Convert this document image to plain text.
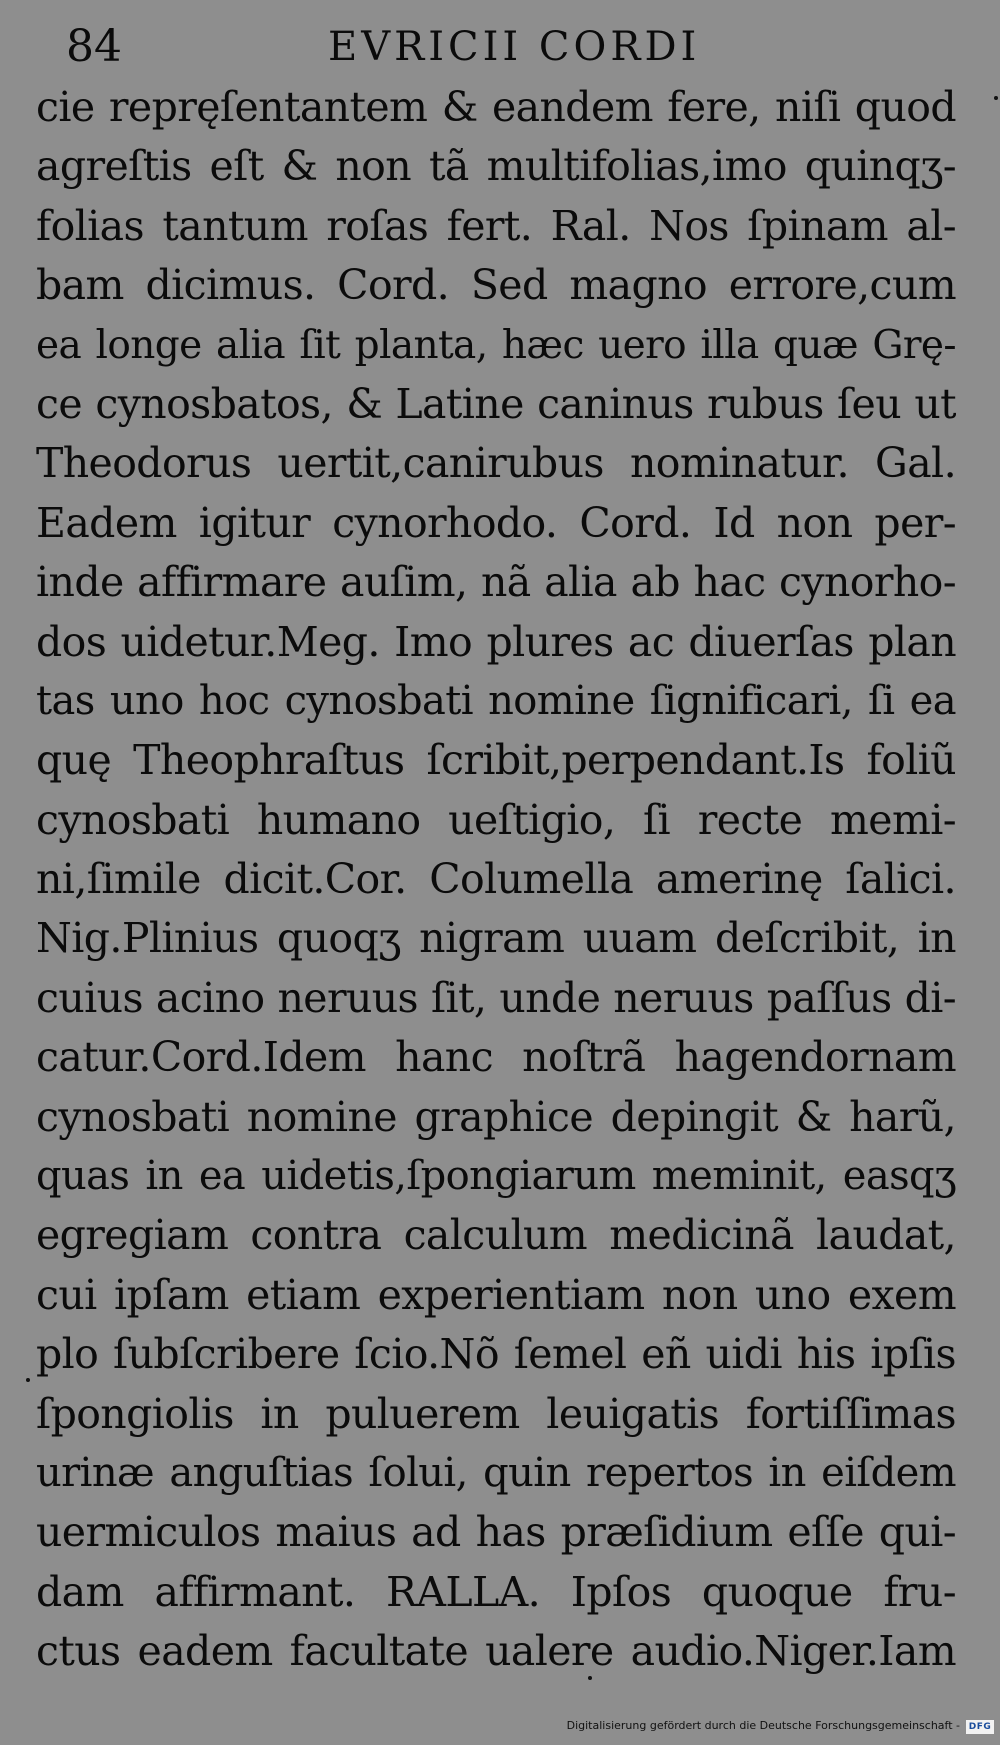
84	EVRICII CORDI
cie repręſentantem & eandem fere, niſi quod
agreſtis eſt & non tã multifolias,imo quinqʒ-
folias tantum roſas fert. Ral. Nos ſpinam al-
bam dicimus. Cord. Sed magno errore,cum
ea longe alia ſit planta, hæc uero illa quæ Grę-
ce cynosbatos, & Latine caninus rubus ſeu ut
Theodorus uertit,canirubus nominatur. Gal.
Eadem igitur cynorhodo. Cord. Id non per-
inde affirmare auſim, nã alia ab hac cynorho-
dos uidetur.Meg. Imo plures ac diuerſas plan
tas uno hoc cynosbati nomine ſignificari, ſi ea
quę Theophraſtus ſcribit,perpendant.Is foliũ
cynosbati humano ueſtigio, ſi recte memi-
ni,ſimile dicit.Cor. Columella amerinę ſalici.
Nig.Plinius quoqʒ nigram uuam deſcribit, in
cuius acino neruus ſit, unde neruus paſſus di-
catur.Cord.Idem hanc noſtrã hagendornam
cynosbati nomine graphice depingit & harũ,
quas in ea uidetis,ſpongiarum meminit, easqʒ
egregiam contra calculum medicinã laudat,
cui ipſam etiam experientiam non uno exem
plo ſubſcribere ſcio.Nõ ſemel eñ uidi his ipſis
ſpongiolis in puluerem leuigatis fortiſſimas
urinæ anguſtias ſolui, quin repertos in eiſdem
uermiculos maius ad has præſidium eſſe qui-
dam affirmant. RALLA. Ipſos quoque fru-
ctus eadem facultate ualere audio.Niger.Iam
Digitalisierung gefördert durch die Deutsche Forschungsgemeinschaft - DFG
